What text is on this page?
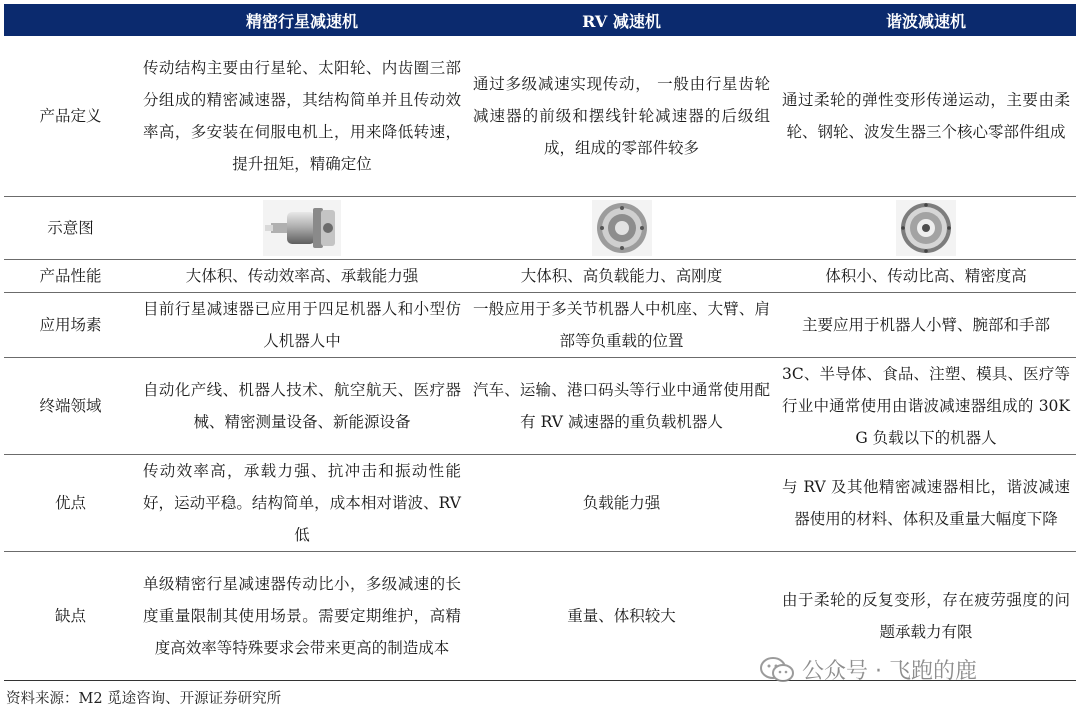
	精密行星减速机	RV 减速机	谐波减速机
产品定义	传动结构主要由行星轮、太阳轮、内齿圈三部分组成的精密减速器，其结构简单并且传动效率高，多安装在伺服电机上，用来降低转速，提升扭矩，精确定位	通过多级减速实现传动， 一般由行星齿轮减速器的前级和摆线针轮减速器的后级组成，组成的零部件较多	通过柔轮的弹性变形传递运动，主要由柔轮、钢轮、波发生器三个核心零部件组成
示意图			
产品性能	大体积、传动效率高、承载能力强	大体积、高负载能力、高刚度	体积小、传动比高、精密度高
应用场素	目前行星减速器已应用于四足机器人和小型仿人机器人中	一般应用于多关节机器人中机座、大臂、肩部等负重载的位置	主要应用于机器人小臂、腕部和手部
终端领域	自动化产线、机器人技术、航空航天、医疗器械、精密测量设备、新能源设备	汽车、运输、港口码头等行业中通常使用配有 RV 减速器的重负载机器人	3C、半导体、食品、注塑、模具、医疗等行业中通常使用由谐波减速器组成的 30KG 负载以下的机器人
优点	传动效率高，承载力强、抗冲击和振动性能好，运动平稳。结构简单，成本相对谐波、RV 低	负载能力强	与 RV 及其他精密减速器相比，谐波减速器使用的材料、体积及重量大幅度下降
缺点	单级精密行星减速器传动比小，多级减速的长度重量限制其使用场景。需要定期维护，高精度高效率等特殊要求会带来更高的制造成本	重量、体积较大	由于柔轮的反复变形，存在疲劳强度的问题承载力有限
公众号 · 飞跑的鹿
资料来源：M2 觅途咨询、开源证券研究所
